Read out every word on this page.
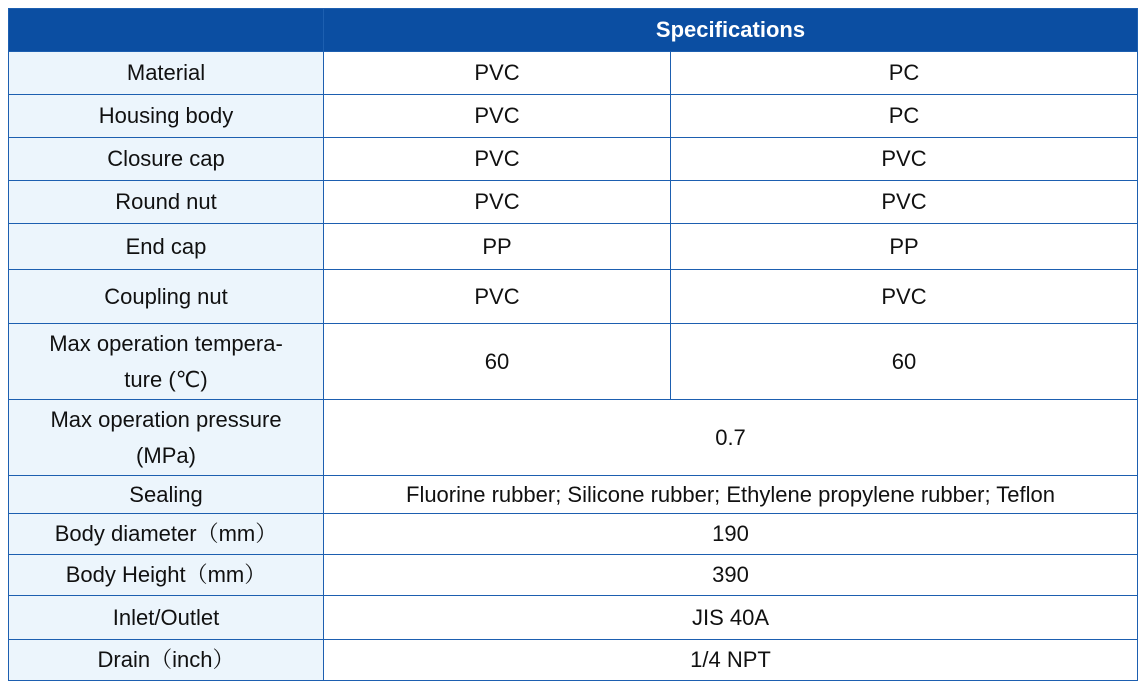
	Specifications	
Material	PVC	PC
Housing body	PVC	PC
Closure cap	PVC	PVC
Round nut	PVC	PVC
End cap	PP	PP
Coupling nut	PVC	PVC

Max operation tempera-
ture (℃)	60	60

Max operation pressure
(MPa)	0.7	
Sealing	Fluorine rubber; Silicone rubber; Ethylene propylene rubber; Teflon	
Body diameter（mm）	190	
Body Height（mm）	390	
Inlet/Outlet	JIS 40A	
Drain（inch）	1/4 NPT	
